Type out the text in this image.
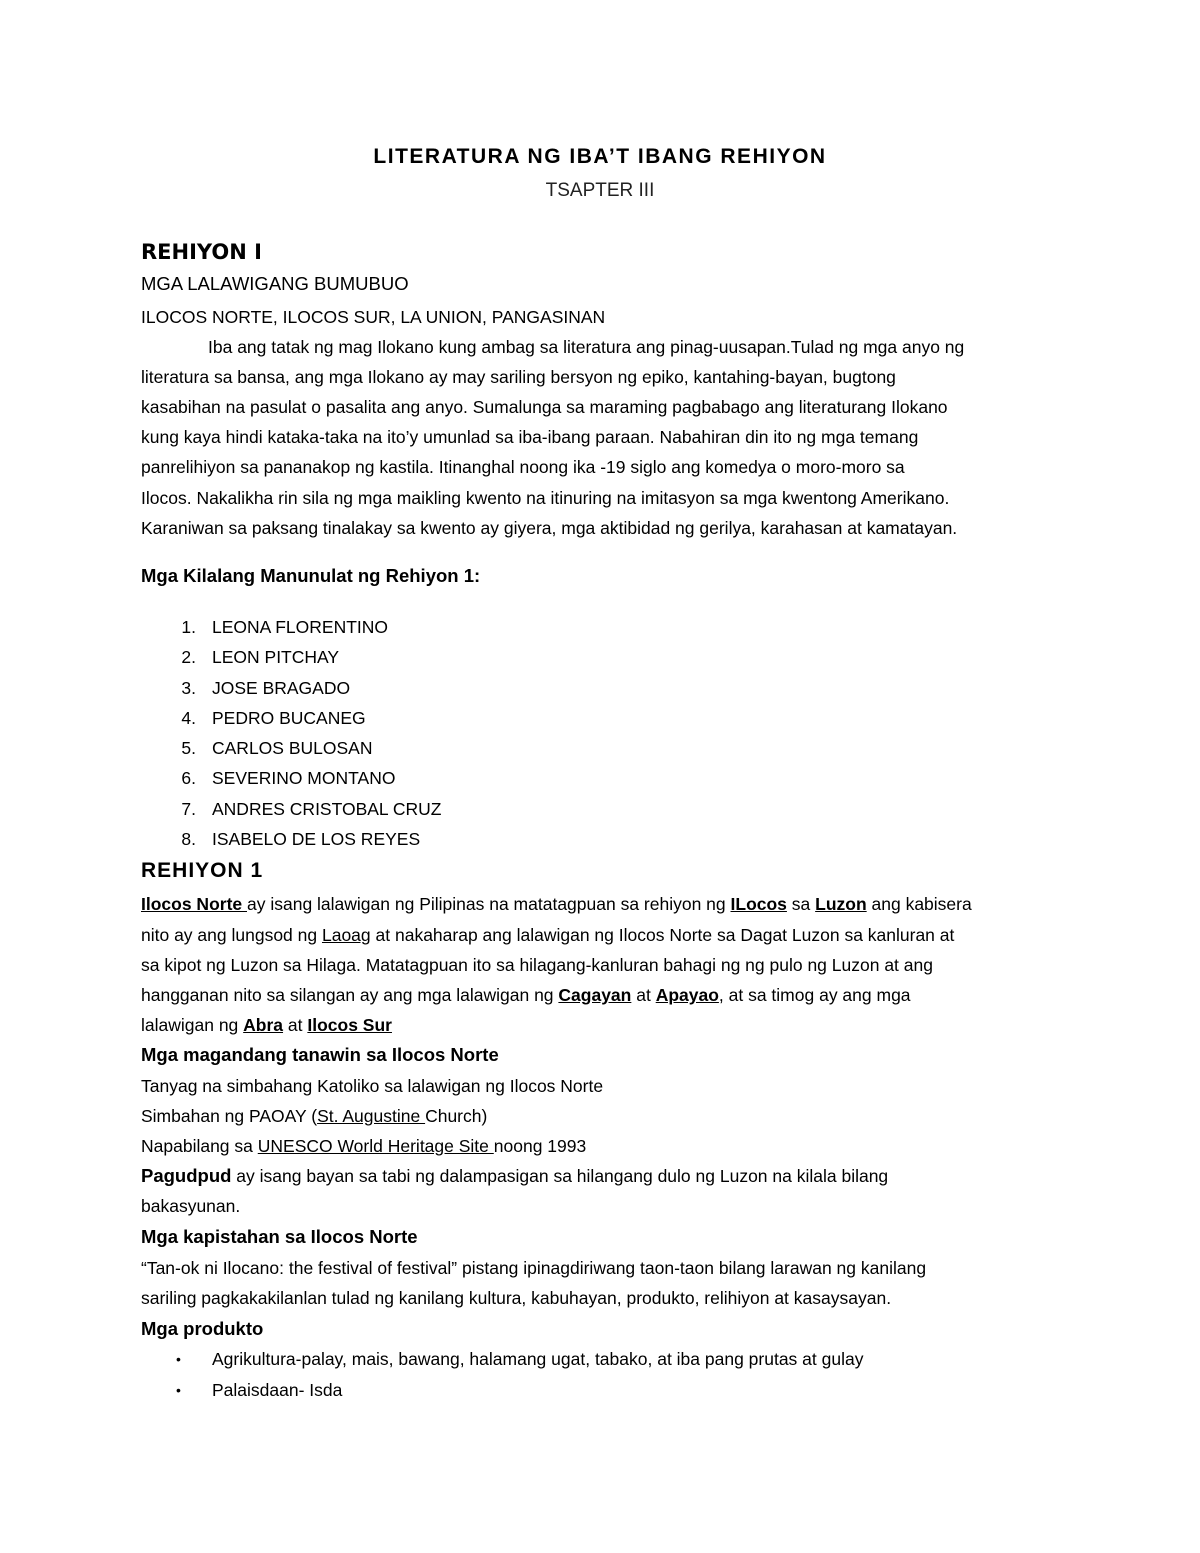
LITERATURA NG IBA’T IBANG REHIYON
TSAPTER III
REHIYON I
MGA LALAWIGANG BUMUBUO
ILOCOS NORTE, ILOCOS SUR, LA UNION, PANGASINAN
Iba ang tatak ng mag Ilokano kung ambag sa literatura ang pinag-uusapan.Tulad ng mga anyo ng
literatura sa bansa, ang mga Ilokano ay may sariling bersyon ng epiko, kantahing-bayan, bugtong
kasabihan na pasulat o pasalita ang anyo. Sumalunga sa maraming pagbabago ang literaturang Ilokano
kung kaya hindi kataka-taka na ito’y umunlad sa iba-ibang paraan. Nabahiran din ito ng mga temang
panrelihiyon sa pananakop ng kastila. Itinanghal noong ika -19 siglo ang komedya o moro-moro sa
Ilocos. Nakalikha rin sila ng mga maikling kwento na itinuring na imitasyon sa mga kwentong Amerikano.
Karaniwan sa paksang tinalakay sa kwento ay giyera, mga aktibidad ng gerilya, karahasan at kamatayan.
Mga Kilalang Manunulat ng Rehiyon 1:
1. LEONA FLORENTINO
2. LEON PITCHAY
3. JOSE BRAGADO
4. PEDRO BUCANEG
5. CARLOS BULOSAN
6. SEVERINO MONTANO
7. ANDRES CRISTOBAL CRUZ
8. ISABELO DE LOS REYES
REHIYON 1
Ilocos Norte ay isang lalawigan ng Pilipinas na matatagpuan sa rehiyon ng ILocos sa Luzon ang kabisera
nito ay ang lungsod ng Laoag at nakaharap ang lalawigan ng Ilocos Norte sa Dagat Luzon sa kanluran at
sa kipot ng Luzon sa Hilaga. Matatagpuan ito sa hilagang-kanluran bahagi ng ng pulo ng Luzon at ang
hangganan nito sa silangan ay ang mga lalawigan ng Cagayan at Apayao, at sa timog ay ang mga
lalawigan ng Abra at Ilocos Sur
Mga magandang tanawin sa Ilocos Norte
Tanyag na simbahang Katoliko sa lalawigan ng Ilocos Norte
Simbahan ng PAOAY (St. Augustine Church)
Napabilang sa UNESCO World Heritage Site noong 1993
Pagudpud ay isang bayan sa tabi ng dalampasigan sa hilangang dulo ng Luzon na kilala bilang
bakasyunan.
Mga kapistahan sa Ilocos Norte
“Tan-ok ni Ilocano: the festival of festival” pistang ipinagdiriwang taon-taon bilang larawan ng kanilang
sariling pagkakakilanlan tulad ng kanilang kultura, kabuhayan, produkto, relihiyon at kasaysayan.
Mga produkto
• Agrikultura-palay, mais, bawang, halamang ugat, tabako, at iba pang prutas at gulay
• Palaisdaan- Isda
